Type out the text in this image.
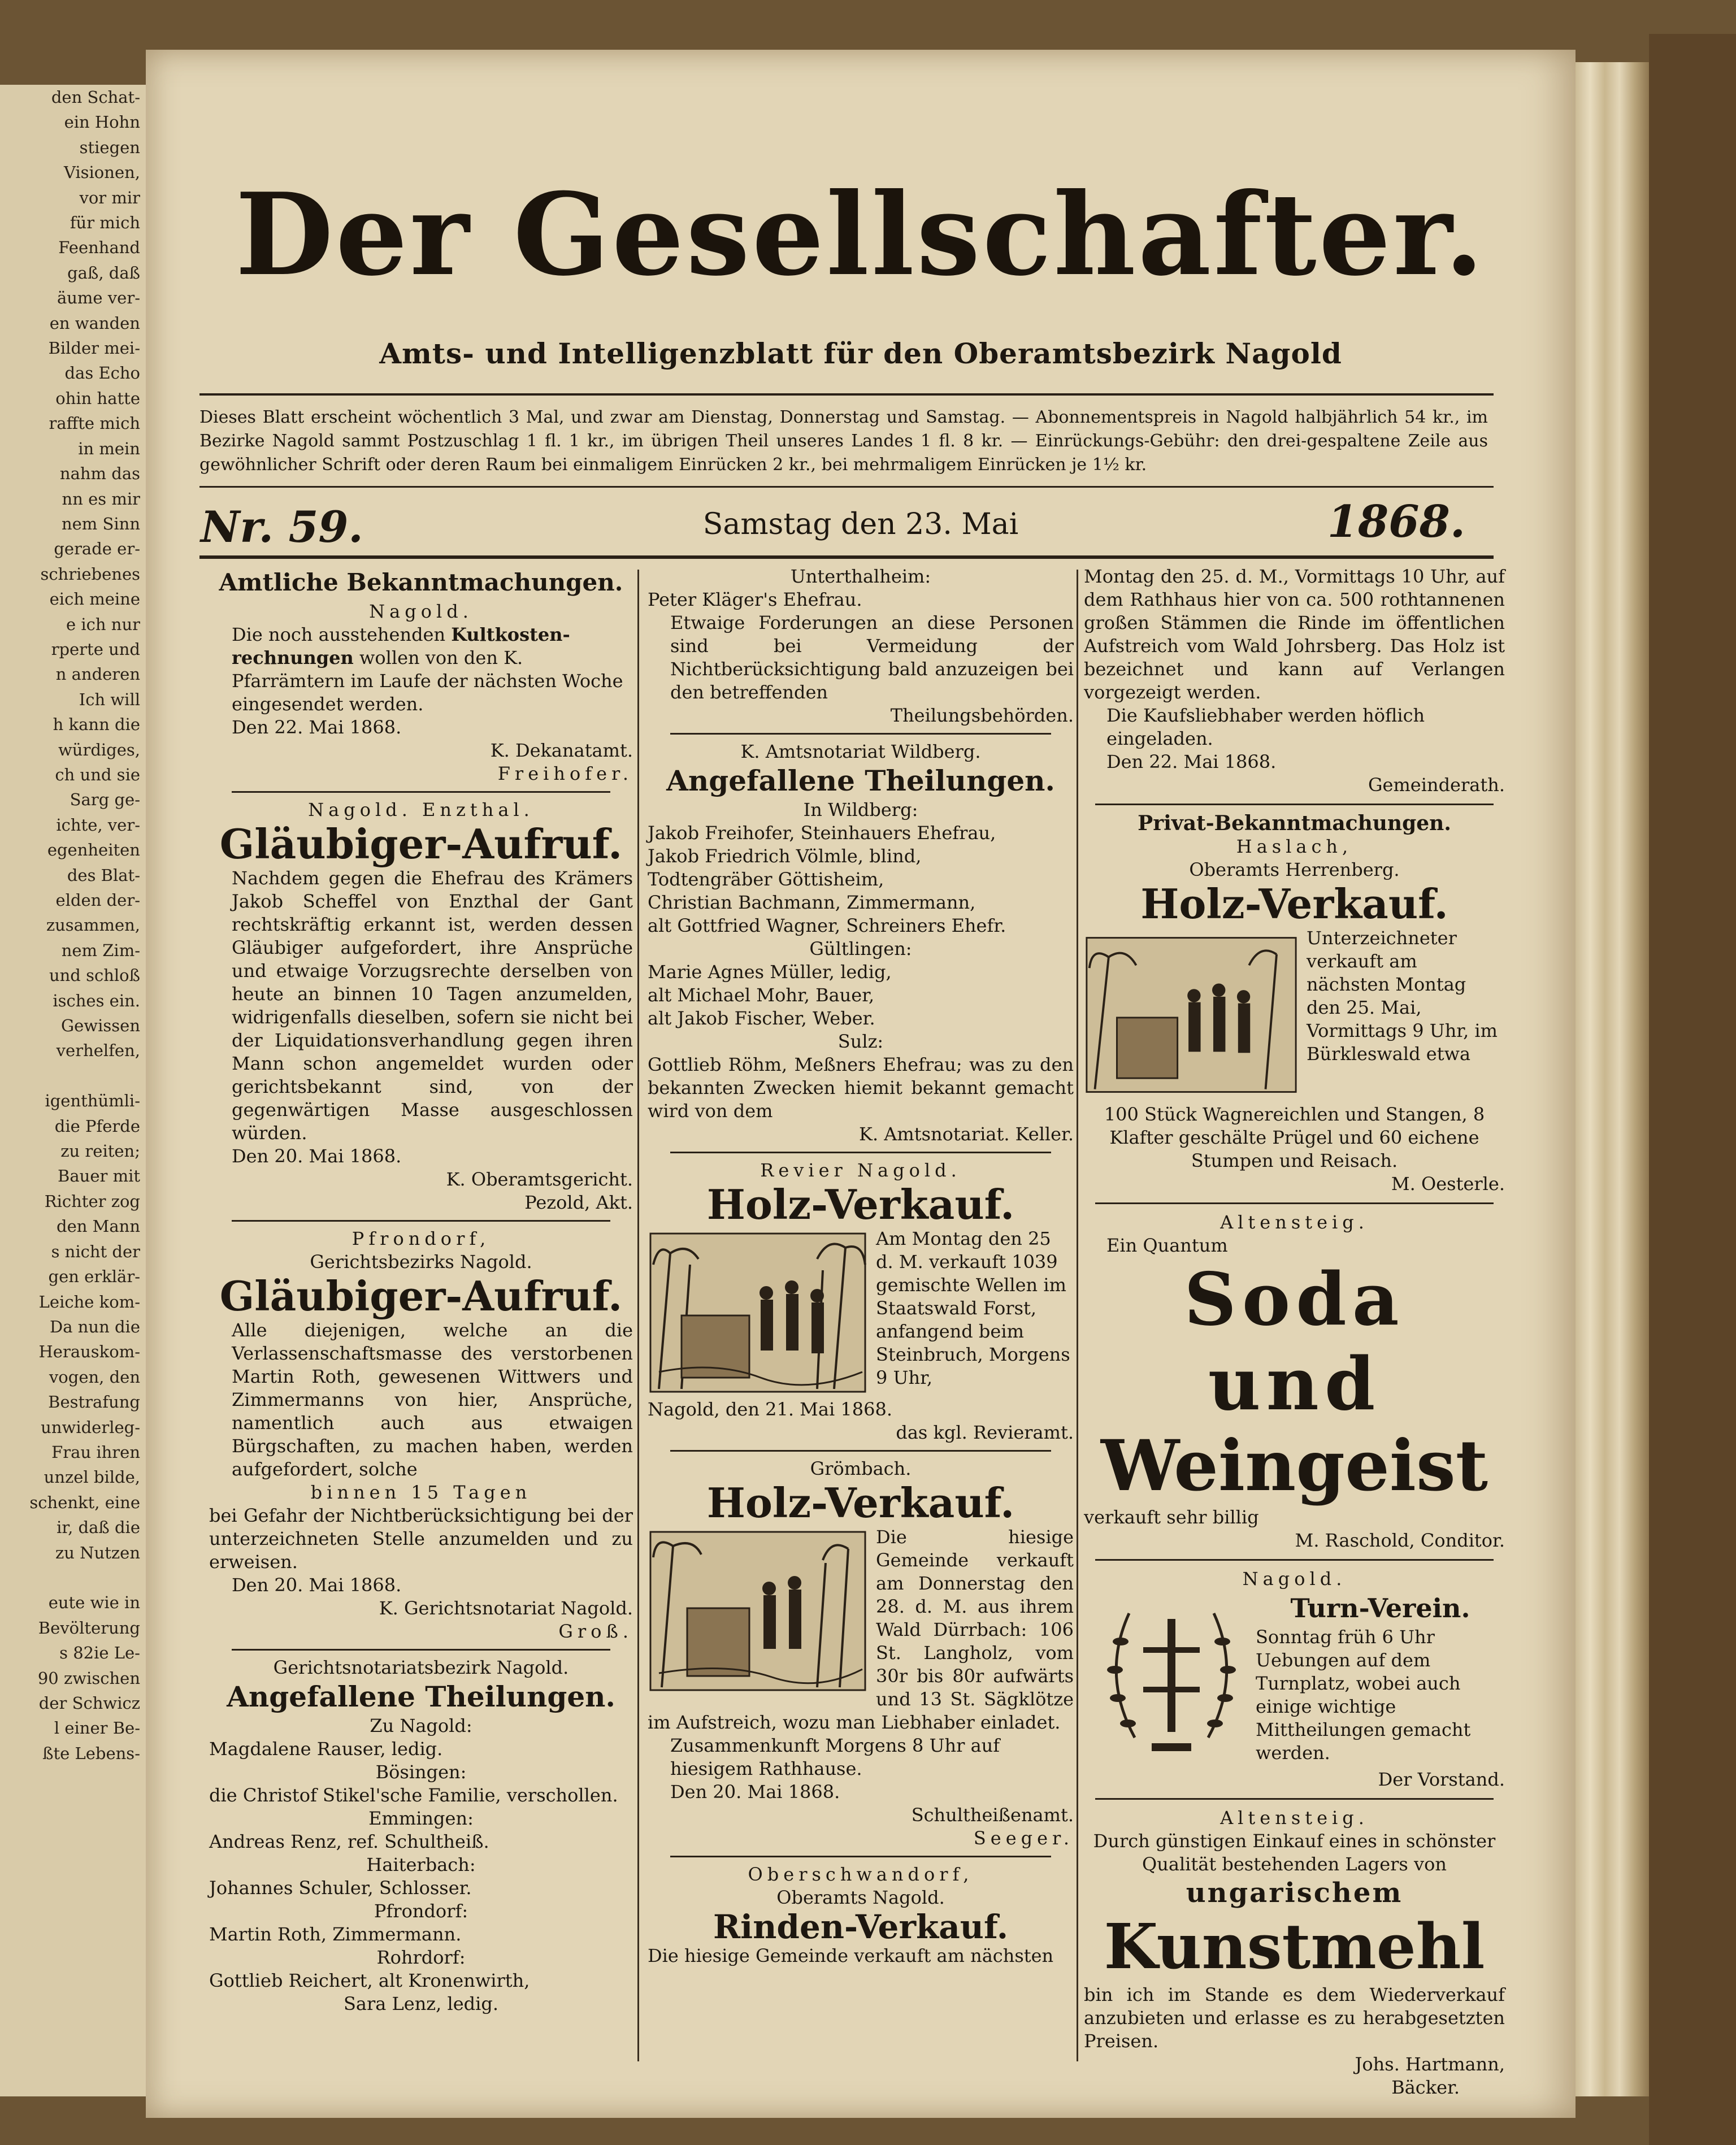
den Schat-
ein Hohn
stiegen
Visionen,
vor mir
für mich
Feenhand
gaß, daß
äume ver-
en wanden
Bilder mei-
das Echo
ohin hatte
raffte mich
in mein
nahm das
nn es mir
nem Sinn
gerade er-
schriebenes
eich meine
e ich nur
rperte und
n anderen
Ich will
h kann die
würdiges,
ch und sie
Sarg ge-
ichte, ver-
egenheiten
des Blat-
elden der-
zusammen,
nem Zim-
und schloß
isches ein.
Gewissen
verhelfen,

igenthümli-
die Pferde
zu reiten;
Bauer mit
Richter zog
den Mann
s nicht der
gen erklär-
Leiche kom-
Da nun die
Herauskom-
vogen, den
Bestrafung
unwiderleg-
Frau ihren
unzel bilde,
schenkt, eine
ir, daß die
zu Nutzen

eute wie in
Bevölterung
s 82ie Le-
90 zwischen
der Schwicz
l einer Be-
ßte Lebens-
Der Gesellschafter.
Amts- und Intelligenzblatt für den Oberamtsbezirk Nagold
Dieses Blatt erscheint wöchentlich 3 Mal, und zwar am Dienstag, Donnerstag und Samstag. — Abonnementspreis in Nagold halbjährlich 54 kr., im Bezirke Nagold sammt Postzuschlag 1 fl. 1 kr., im übrigen Theil unseres Landes 1 fl. 8 kr. — Einrückungs-Gebühr: den drei-gespaltene Zeile aus gewöhnlicher Schrift oder deren Raum bei einmaligem Einrücken 2 kr., bei mehrmaligem Einrücken je 1½ kr.
Nr. 59.	Samstag den 23. Mai	1868.
Amtliche Bekanntmachungen.
Nagold.

Die noch ausstehenden Kultkosten-rechnungen wollen von den K. Pfarrämtern im Laufe der nächsten Woche eingesendet werden.

Den 22. Mai 1868.
K. Dekanatamt.
Freihofer.
Nagold. Enzthal.
Gläubiger-Aufruf.

Nachdem gegen die Ehefrau des Krämers Jakob Scheffel von Enzthal der Gant rechtskräftig erkannt ist, werden dessen Gläubiger aufgefordert, ihre Ansprüche und etwaige Vorzugsrechte derselben von heute an binnen 10 Tagen anzumelden, widrigenfalls dieselben, sofern sie nicht bei der Liquidationsverhandlung gegen ihren Mann schon angemeldet wurden oder gerichtsbekannt sind, von der gegenwärtigen Masse ausgeschlossen würden.

Den 20. Mai 1868.
K. Oberamtsgericht.
Pezold, Akt.
Pfrondorf,
Gerichtsbezirks Nagold.
Gläubiger-Aufruf.

Alle diejenigen, welche an die Verlassenschaftsmasse des verstorbenen Martin Roth, gewesenen Wittwers und Zimmermanns von hier, Ansprüche, namentlich auch aus etwaigen Bürgschaften, zu machen haben, werden aufgefordert, solche

binnen 15 Tagen

bei Gefahr der Nichtberücksichtigung bei der unterzeichneten Stelle anzumelden und zu erweisen.

Den 20. Mai 1868.
K. Gerichtsnotariat Nagold.
Groß.
Gerichtsnotariatsbezirk Nagold.
Angefallene Theilungen.
Zu Nagold:
Magdalene Rauser, ledig.
Bösingen:
die Christof Stikel'sche Familie, verschollen.
Emmingen:
Andreas Renz, ref. Schultheiß.
Haiterbach:
Johannes Schuler, Schlosser.
Pfrondorf:
Martin Roth, Zimmermann.
Rohrdorf:
Gottlieb Reichert, alt Kronenwirth,
Sara Lenz, ledig.
Unterthalheim:
Peter Kläger's Ehefrau.

Etwaige Forderungen an diese Personen sind bei Vermeidung der Nichtberücksichtigung bald anzuzeigen bei den betreffenden

Theilungsbehörden.
K. Amtsnotariat Wildberg.
Angefallene Theilungen.
In Wildberg:
Jakob Freihofer, Steinhauers Ehefrau,
Jakob Friedrich Völmle, blind,
Todtengräber Göttisheim,
Christian Bachmann, Zimmermann,
alt Gottfried Wagner, Schreiners Ehefr.
Gültlingen:
Marie Agnes Müller, ledig,
alt Michael Mohr, Bauer,
alt Jakob Fischer, Weber.
Sulz:

Gottlieb Röhm, Meßners Ehefrau; was zu den bekannten Zwecken hiemit bekannt gemacht wird von dem

K. Amtsnotariat. Keller.
Revier Nagold.
Holz-Verkauf.

Am Montag den 25 d. M. verkauft 1039 gemischte Wellen im Staatswald Forst, anfangend beim Steinbruch, Morgens 9 Uhr,

Nagold, den 21. Mai 1868.
das kgl. Revieramt.
Grömbach.
Holz-Verkauf.

Die hiesige Gemeinde verkauft am Donnerstag den 28. d. M. aus ihrem Wald Dürrbach: 106 St. Langholz, vom 30r bis 80r aufwärts und 13 St. Sägklötze im Aufstreich, wozu man Liebhaber einladet.

Zusammenkunft Morgens 8 Uhr auf hiesigem Rathhause.

Den 20. Mai 1868.
Schultheißenamt.
Seeger.
Oberschwandorf,
Oberamts Nagold.
Rinden-Verkauf.
Die hiesige Gemeinde verkauft am nächsten

Montag den 25. d. M., Vormittags 10 Uhr, auf dem Rathhaus hier von ca. 500 rothtannenen großen Stämmen die Rinde im öffentlichen Aufstreich vom Wald Johrsberg. Das Holz ist bezeichnet und kann auf Verlangen vorgezeigt werden.

Die Kaufsliebhaber werden höflich eingeladen.

Den 22. Mai 1868.
Gemeinderath.
Privat-Bekanntmachungen.
Haslach,
Oberamts Herrenberg.
Holz-Verkauf.

Unterzeichneter verkauft am nächsten Montag den 25. Mai, Vormittags 9 Uhr, im Bürkleswald etwa

100 Stück Wagnereichlen und Stangen, 8 Klafter geschälte Prügel und 60 eichene Stumpen und Reisach.

M. Oesterle.
Altensteig.
Ein Quantum
Soda und
Weingeist
verkauft sehr billig
M. Raschold, Conditor.
Nagold.
Turn-Verein.

Sonntag früh 6 Uhr Uebungen auf dem Turnplatz, wobei auch einige wichtige Mittheilungen gemacht werden.

Der Vorstand.
Altensteig.

Durch günstigen Einkauf eines in schönster Qualität bestehenden Lagers von

ungarischem
Kunstmehl

bin ich im Stande es dem Wiederverkauf anzubieten und erlasse es zu herabgesetzten Preisen.

Johs. Hartmann,
Bäcker.
